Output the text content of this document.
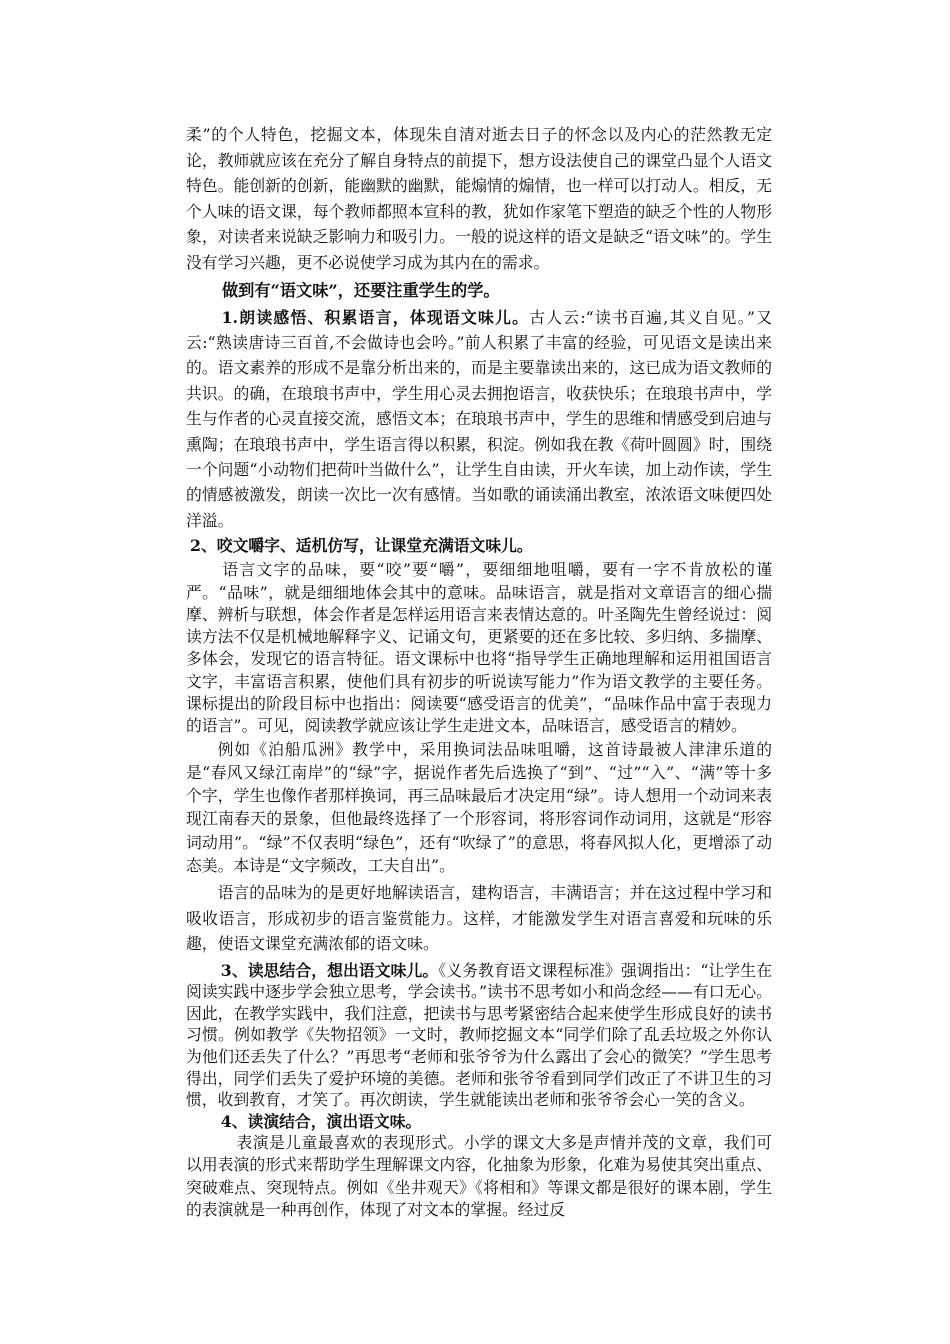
柔”的个人特色，挖掘文本，体现朱自清对逝去日子的怀念以及内心的茫然教无定论，教师就应该在充分了解自身特点的前提下，想方设法使自己的课堂凸显个人语文特色。能创新的创新，能幽默的幽默，能煽情的煽情，也一样可以打动人。相反，无个人味的语文课，每个教师都照本宣科的教，犹如作家笔下塑造的缺乏个性的人物形象，对读者来说缺乏影响力和吸引力。一般的说这样的语文是缺乏“语文味”的。学生没有学习兴趣，更不必说使学习成为其内在的需求。

做到有“语文味”，还要注重学生的学。

1.朗读感悟、积累语言，体现语文味儿。古人云:“读书百遍,其义自见。”又云:“熟读唐诗三百首,不会做诗也会吟。”前人积累了丰富的经验，可见语文是读出来的。语文素养的形成不是靠分析出来的，而是主要靠读出来的，这已成为语文教师的共识。的确，在琅琅书声中，学生用心灵去拥抱语言，收获快乐；在琅琅书声中，学生与作者的心灵直接交流，感悟文本；在琅琅书声中，学生的思维和情感受到启迪与熏陶；在琅琅书声中，学生语言得以积累，积淀。例如我在教《荷叶圆圆》时，围绕一个问题“小动物们把荷叶当做什么”，让学生自由读，开火车读，加上动作读，学生的情感被激发，朗读一次比一次有感情。当如歌的诵读涌出教室，浓浓语文味便四处洋溢。

2、咬文嚼字、适机仿写，让课堂充满语文味儿。

语言文字的品味，要“咬”要“嚼”，要细细地咀嚼，要有一字不肯放松的谨严。“品味”，就是细细地体会其中的意味。品味语言，就是指对文章语言的细心揣摩、辨析与联想，体会作者是怎样运用语言来表情达意的。叶圣陶先生曾经说过：阅读方法不仅是机械地解释字义、记诵文句，更紧要的还在多比较、多归纳、多揣摩、多体会，发现它的语言特征。语文课标中也将“指导学生正确地理解和运用祖国语言文字，丰富语言积累，使他们具有初步的听说读写能力”作为语文教学的主要任务。课标提出的阶段目标中也指出：阅读要“感受语言的优美”，“品味作品中富于表现力的语言”。可见，阅读教学就应该让学生走进文本，品味语言，感受语言的精妙。

例如《泊船瓜洲》教学中，采用换词法品味咀嚼，这首诗最被人津津乐道的是“春风又绿江南岸”的“绿”字，据说作者先后选换了“到”、“过”“入”、“满”等十多个字，学生也像作者那样换词，再三品味最后才决定用“绿”。诗人想用一个动词来表现江南春天的景象，但他最终选择了一个形容词，将形容词作动词用，这就是“形容词动用”。“绿”不仅表明“绿色”，还有“吹绿了”的意思，将春风拟人化，更增添了动态美。本诗是“文字频改，工夫自出”。

语言的品味为的是更好地解读语言，建构语言，丰满语言；并在这过程中学习和吸收语言，形成初步的语言鉴赏能力。这样，才能激发学生对语言喜爱和玩味的乐趣，使语文课堂充满浓郁的语文味。

3、读思结合，想出语文味儿。《义务教育语文课程标准》强调指出：“让学生在阅读实践中逐步学会独立思考，学会读书。”读书不思考如小和尚念经——有口无心。因此，在教学实践中，我们注意，把读书与思考紧密结合起来使学生形成良好的读书习惯。例如教学《失物招领》一文时，教师挖掘文本“同学们除了乱丢垃圾之外你认为他们还丢失了什么？”再思考“老师和张爷爷为什么露出了会心的微笑？”学生思考得出，同学们丢失了爱护环境的美德。老师和张爷爷看到同学们改正了不讲卫生的习惯，收到教育，才笑了。再次朗读，学生就能读出老师和张爷爷会心一笑的含义。

4、读演结合，演出语文味。

表演是儿童最喜欢的表现形式。小学的课文大多是声情并茂的文章，我们可以用表演的形式来帮助学生理解课文内容，化抽象为形象，化难为易使其突出重点、突破难点、突现特点。例如《坐井观天》《将相和》等课文都是很好的课本剧，学生的表演就是一种再创作，体现了对文本的掌握。经过反
